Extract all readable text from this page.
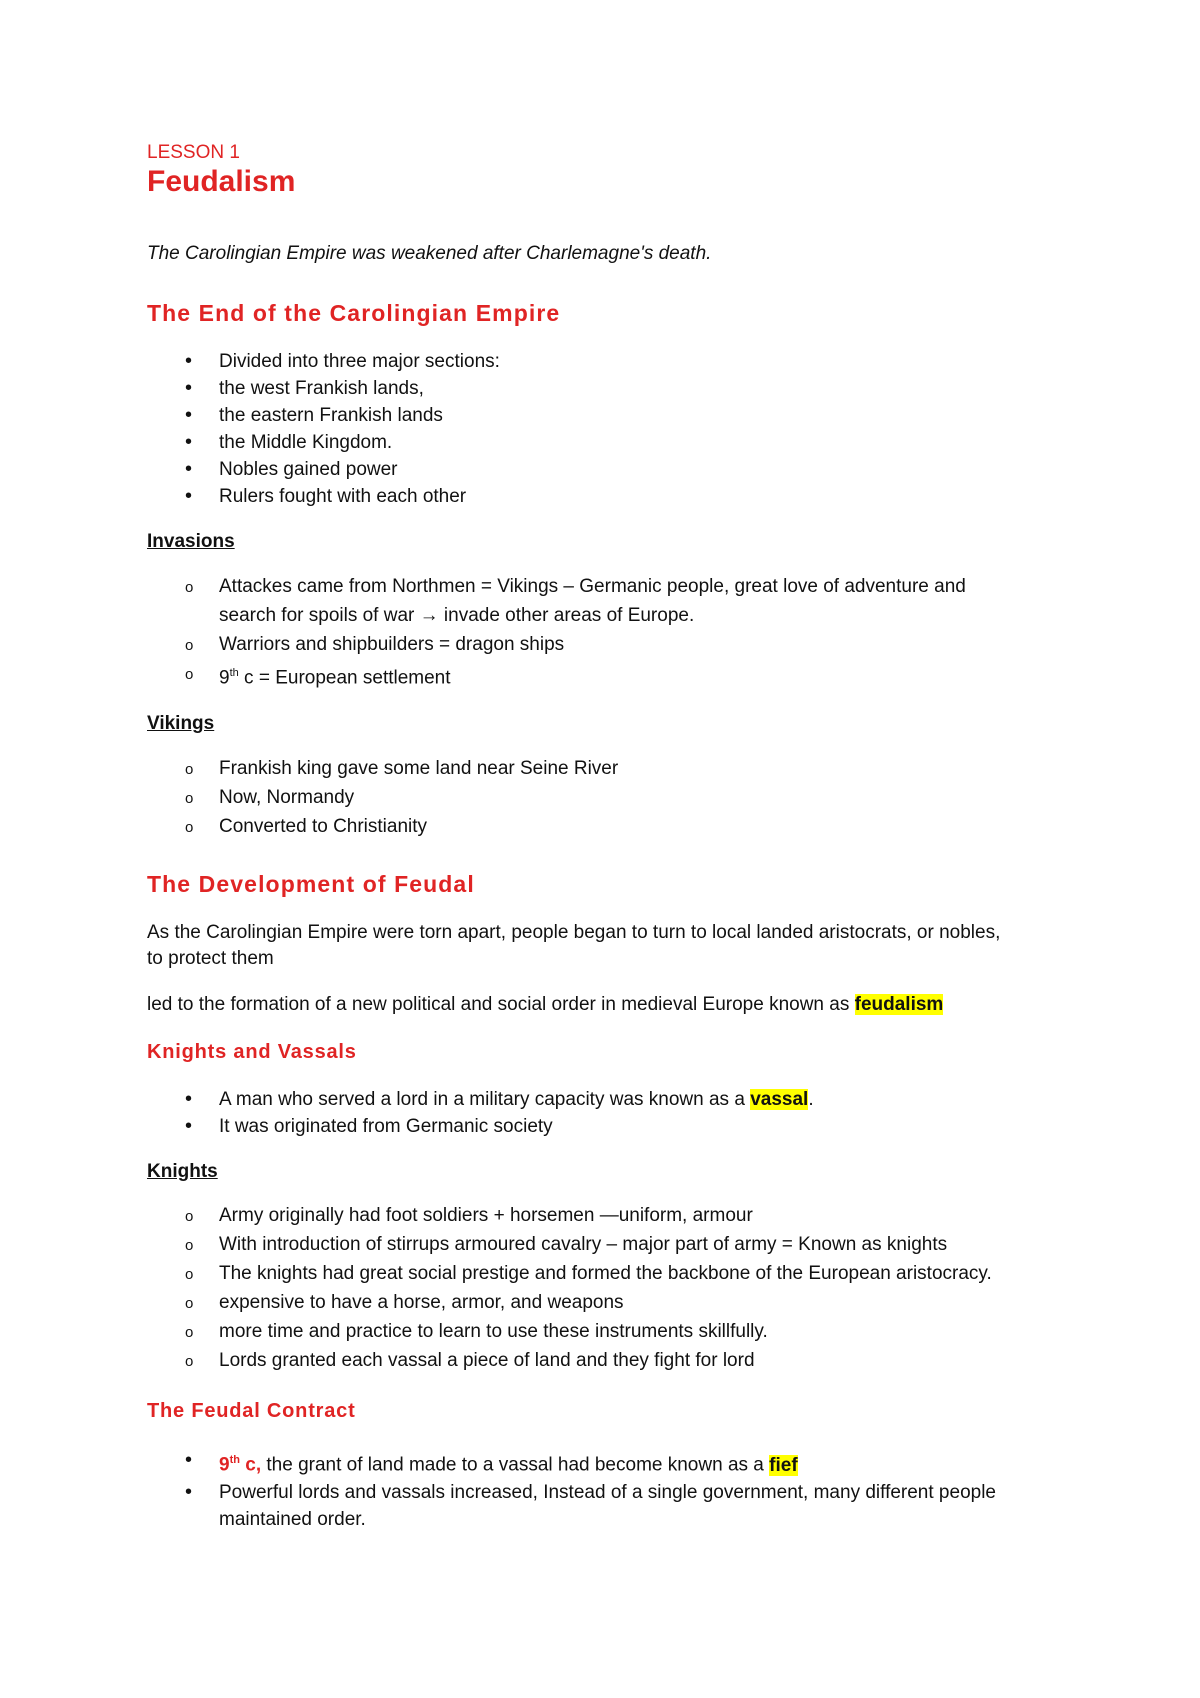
LESSON 1
Feudalism

The Carolingian Empire was weakened after Charlemagne's death.

The End of the Carolingian Empire
• Divided into three major sections:
• the west Frankish lands,
• the eastern Frankish lands
• the Middle Kingdom.
• Nobles gained power
• Rulers fought with each other
Invasions
o Attackes came from Northmen = Vikings – Germanic people, great love of adventure and
search for spoils of war → invade other areas of Europe.
o Warriors and shipbuilders = dragon ships
o 9th c = European settlement
Vikings
o Frankish king gave some land near Seine River
o Now, Normandy
o Converted to Christianity
The Development of Feudal

As the Carolingian Empire were torn apart, people began to turn to local landed aristocrats, or nobles, to protect them

led to the formation of a new political and social order in medieval Europe known as feudalism

Knights and Vassals
• A man who served a lord in a military capacity was known as a vassal.
• It was originated from Germanic society
Knights
o Army originally had foot soldiers + horsemen —uniform, armour
o With introduction of stirrups armoured cavalry – major part of army = Known as knights
o The knights had great social prestige and formed the backbone of the European aristocracy.
o expensive to have a horse, armor, and weapons
o more time and practice to learn to use these instruments skillfully.
o Lords granted each vassal a piece of land and they fight for lord
The Feudal Contract
• 9th c, the grant of land made to a vassal had become known as a fief
• Powerful lords and vassals increased, Instead of a single government, many different people maintained order.
